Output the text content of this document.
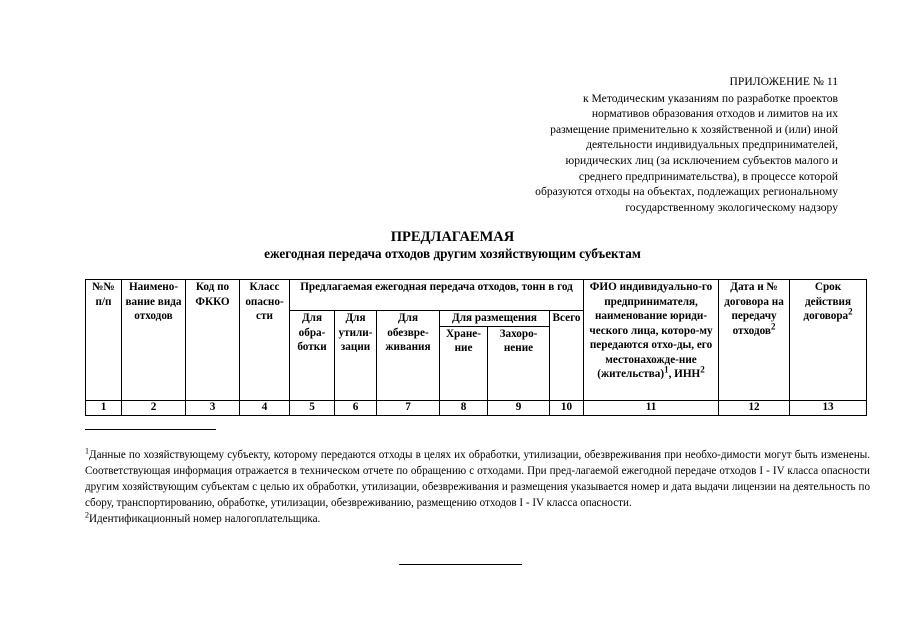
ПРИЛОЖЕНИЕ № 11
к Методическим указаниям по разработке проектов
нормативов образования отходов и лимитов на их
размещение применительно к хозяйственной и (или) иной
деятельности индивидуальных предпринимателей,
юридических лиц (за исключением субъектов малого и
среднего предпринимательства), в процессе которой
образуются отходы на объектах, подлежащих региональному
государственному экологическому надзору
ПРЕДЛАГАЕМАЯ
ежегодная передача отходов другим хозяйствующим субъектам
№№ п/п	Наимено-вание вида отходов	Код по ФККО	Класс опасно-сти	Предлагаемая ежегодная передача отходов, тонн в год						ФИО индивидуально-го предпринимателя, наименование юриди-ческого лица, которо-му передаются отхо-ды, его местонахожде-ние (жительства)$^1$, ИНН$^2$	Дата и № договора на передачу отходов$^2$	Срок действия договора$^2$
				Для обра-ботки	Для утили-зации	Для обезвре-живания	Для размещения		Всего			
							Хране-ние	Захоро-нение				
1	2	3	4	5	6	7	8	9	10	11	12	13

$^1$Данные по хозяйствующему субъекту, которому передаются отходы в целях их обработки, утилизации, обезвреживания при необхо-димости могут быть изменены. Соответствующая информация отражается в техническом отчете по обращению с отходами. При пред-лагаемой ежегодной передаче отходов I - IV класса опасности другим хозяйствующим субъектам с целью их обработки, утилизации, обезвреживания и размещения указывается номер и дата выдачи лицензии на деятельность по сбору, транспортированию, обработке, утилизации, обезвреживанию, размещению отходов I - IV класса опасности.

$^2$Идентификационный номер налогоплательщика.
